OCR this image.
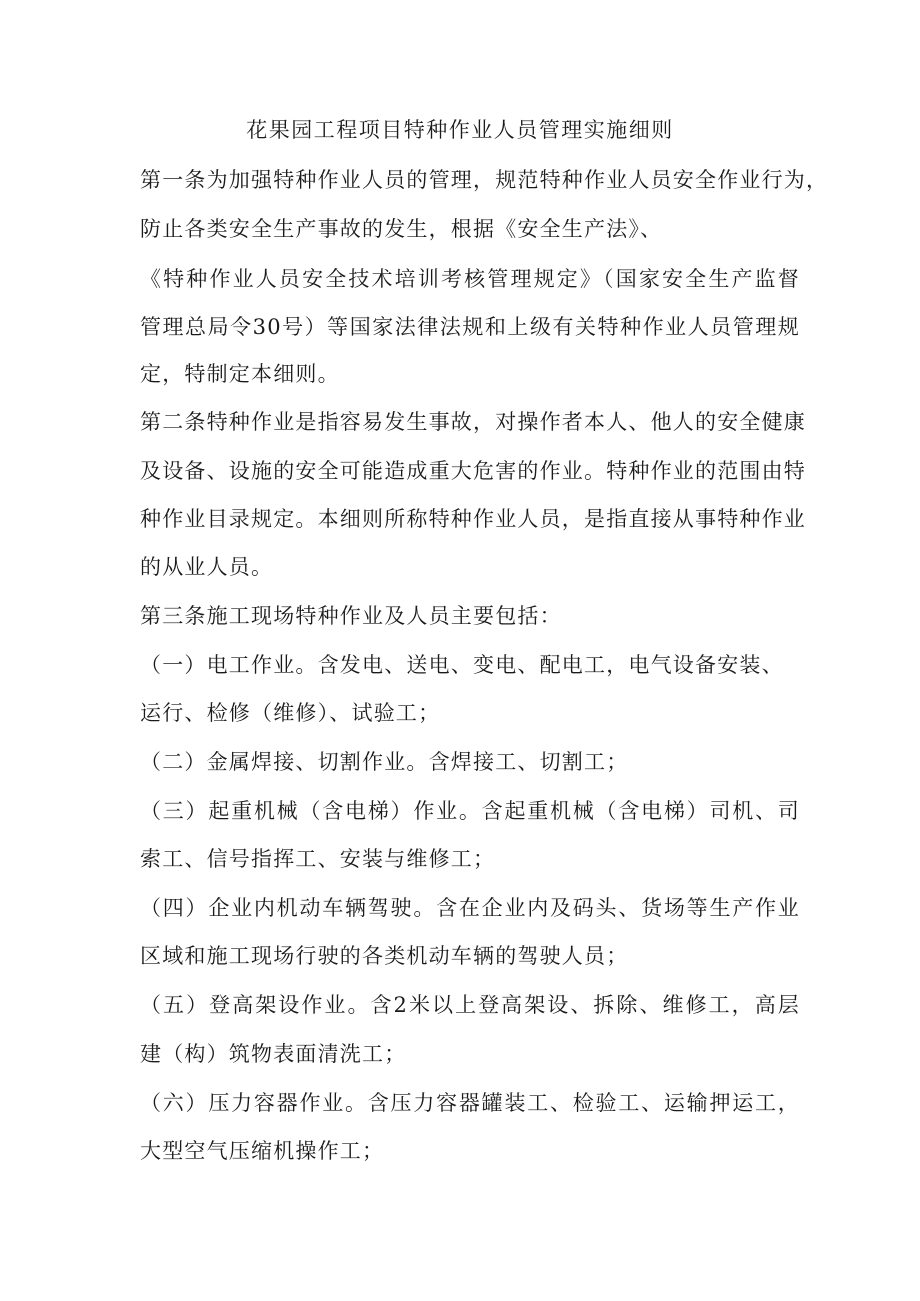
花果园工程项目特种作业人员管理实施细则
第一条为加强特种作业人员的管理，规范特种作业人员安全作业行为，
防止各类安全生产事故的发生，根据《安全生产法》、
《特种作业人员安全技术培训考核管理规定》（国家安全生产监督
管理总局令30号）等国家法律法规和上级有关特种作业人员管理规
定，特制定本细则。
第二条特种作业是指容易发生事故，对操作者本人、他人的安全健康
及设备、设施的安全可能造成重大危害的作业。特种作业的范围由特
种作业目录规定。本细则所称特种作业人员，是指直接从事特种作业
的从业人员。
第三条施工现场特种作业及人员主要包括：
（一）电工作业。含发电、送电、变电、配电工，电气设备安装、
运行、检修（维修）、试验工；
（二）金属焊接、切割作业。含焊接工、切割工；
（三）起重机械（含电梯）作业。含起重机械（含电梯）司机、司
索工、信号指挥工、安装与维修工；
（四）企业内机动车辆驾驶。含在企业内及码头、货场等生产作业
区域和施工现场行驶的各类机动车辆的驾驶人员；
（五）登高架设作业。含2米以上登高架设、拆除、维修工，高层
建（构）筑物表面清洗工；
（六）压力容器作业。含压力容器罐装工、检验工、运输押运工，
大型空气压缩机操作工；
